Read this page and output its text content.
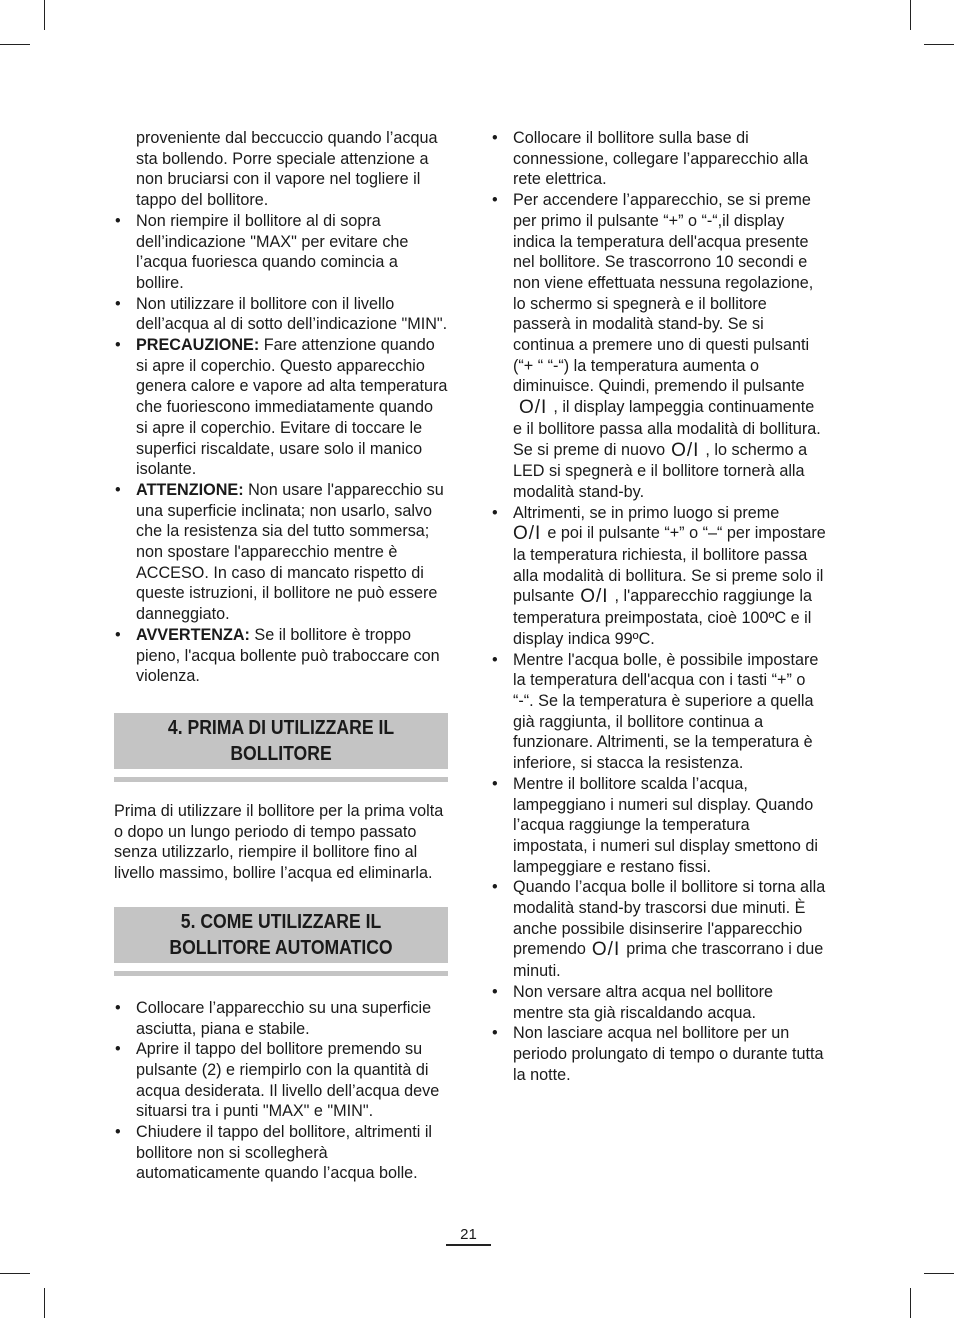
proveniente dal beccuccio quando l’acqua sta bollendo. Porre speciale attenzione a non bruciarsi con il vapore nel togliere il tappo del bollitore.
• Non riempire il bollitore al di sopra dell’indicazione "MAX" per evitare che l’acqua fuoriesca quando comincia a bollire.
• Non utilizzare il bollitore con il livello dell’acqua al di sotto dell’indicazione "MIN".
• PRECAUZIONE: Fare attenzione quando si apre il coperchio. Questo apparecchio genera calore e vapore ad alta temperatura che fuoriescono immediatamente quando si apre il coperchio. Evitare di toccare le superfici riscaldate, usare solo il manico isolante.
• ATTENZIONE: Non usare l'apparecchio su una superficie inclinata; non usarlo, salvo che la resistenza sia del tutto sommersa; non spostare l'apparecchio mentre è ACCESO. In caso di mancato rispetto di queste istruzioni, il bollitore ne può essere danneggiato.
• AVVERTENZA: Se il bollitore è troppo pieno, l'acqua bollente può traboccare con violenza.
4. PRIMA DI UTILIZZARE IL BOLLITORE

Prima di utilizzare il bollitore per la prima volta o dopo un lungo periodo di tempo passato senza utilizzarlo, riempire il bollitore fino al livello massimo, bollire l’acqua ed eliminarla.

5. COME UTILIZZARE IL BOLLITORE AUTOMATICO
• Collocare l’apparecchio su una superficie asciutta, piana e stabile.
• Aprire il tappo del bollitore premendo su pulsante (2) e riempirlo con la quantità di acqua desiderata. Il livello dell’acqua deve situarsi tra i punti "MAX" e "MIN".
• Chiudere il tappo del bollitore, altrimenti il bollitore non si scollegherà automaticamente quando l’acqua bolle.
• Collocare il bollitore sulla base di connessione, collegare l’apparecchio alla rete elettrica.
• Per accendere l’apparecchio, se si preme per primo il pulsante “+” o “-“,il display indica la temperatura dell'acqua presente nel bollitore. Se trascorrono 10 secondi e non viene effettuata nessuna regolazione, lo schermo si spegnerà e il bollitore passerà in modalità stand-by. Se si continua a premere uno di questi pulsanti (“+ “ “-“) la temperatura aumenta o diminuisce. Quindi, premendo il pulsanteO/I , il display lampeggia continuamente e il bollitore passa alla modalità di bollitura. Se si preme di nuovo O/I , lo schermo a LED si spegnerà e il bollitore tornerà alla modalità stand-by.
• Altrimenti, se in primo luogo si preme
O/I e poi il pulsante “+” o “–“ per impostare la temperatura richiesta, il bollitore passa alla modalità di bollitura. Se si preme solo il pulsante O/I , l'apparecchio raggiunge la temperatura preimpostata, cioè 100ºC e il display indica 99ºC.
• Mentre l'acqua bolle, è possibile impostare la temperatura dell'acqua con i tasti “+” o “-“. Se la temperatura è superiore a quella già raggiunta, il bollitore continua a funzionare. Altrimenti, se la temperatura è inferiore, si stacca la resistenza.
• Mentre il bollitore scalda l’acqua, lampeggiano i numeri sul display. Quando l’acqua raggiunge la temperatura impostata, i numeri sul display smettono di lampeggiare e restano fissi.
• Quando l’acqua bolle il bollitore si torna alla modalità stand-by trascorsi due minuti. È anche possibile disinserire l'apparecchio premendo O/I prima che trascorrano i due minuti.
• Non versare altra acqua nel bollitore mentre sta già riscaldando acqua.
• Non lasciare acqua nel bollitore per un periodo prolungato di tempo o durante tutta la notte.
21
